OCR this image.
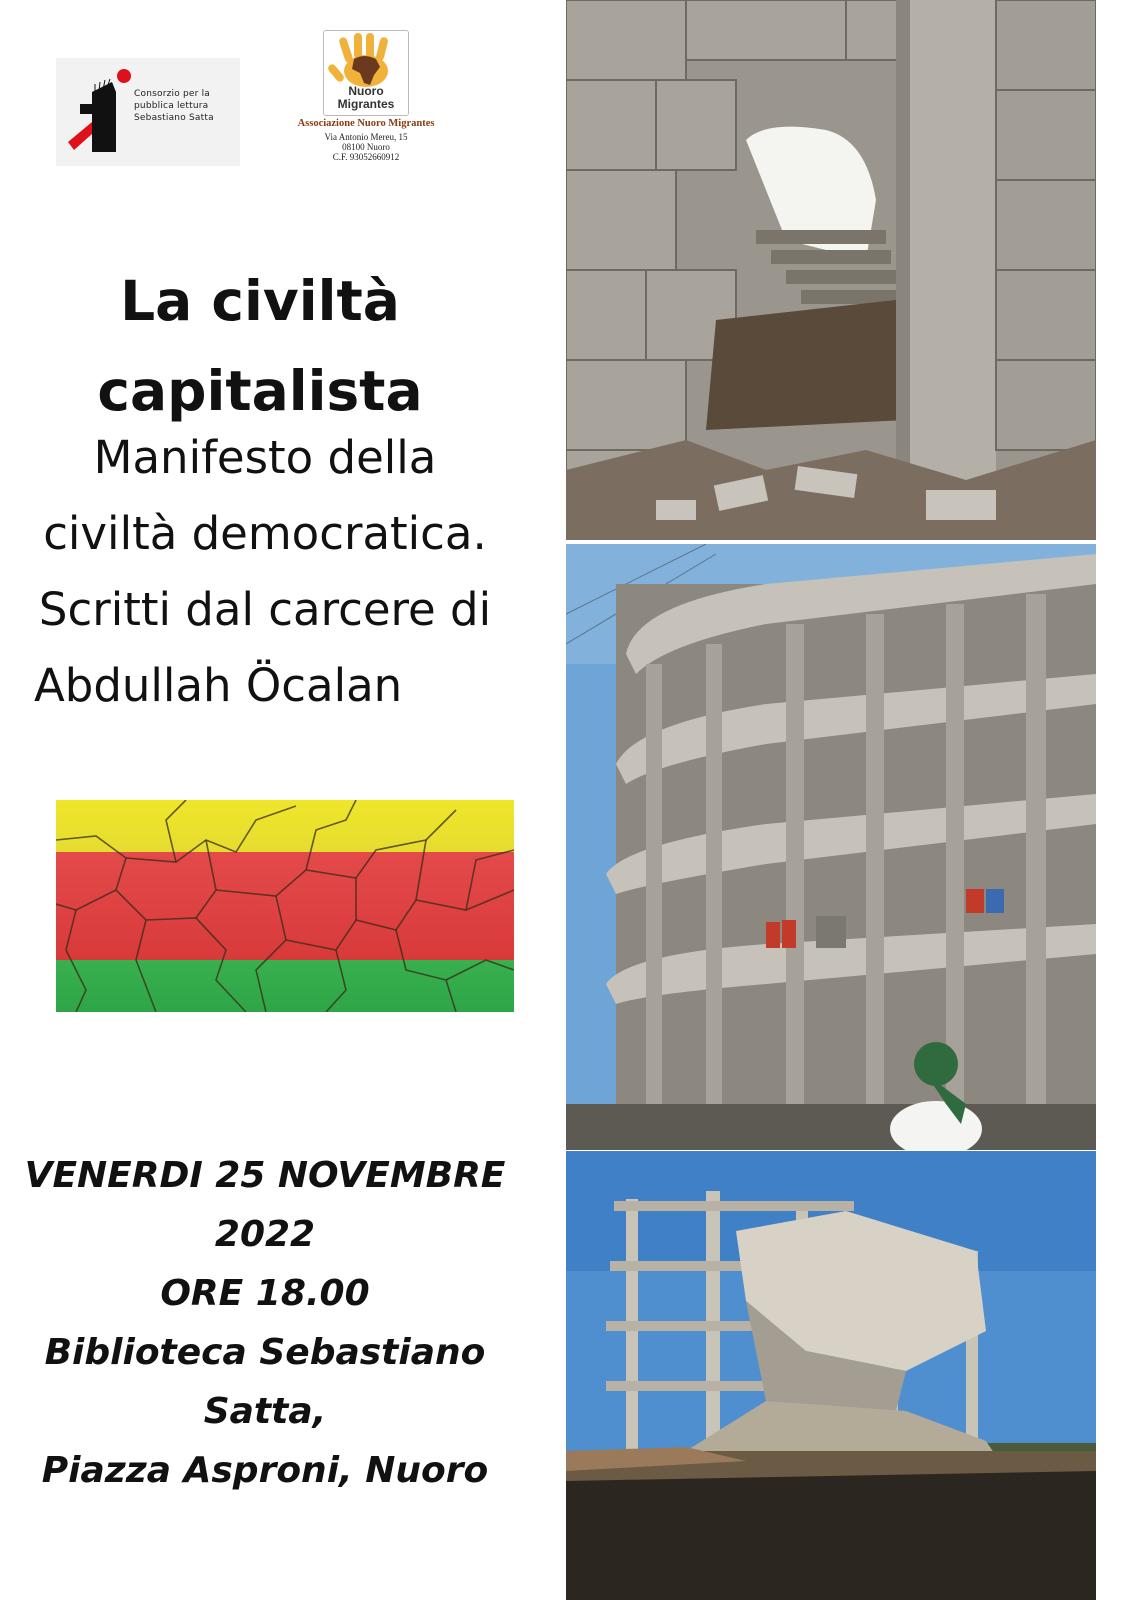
Consorzio per la
pubblica lettura
Sebastiano Satta
Nuoro
Migrantes
Associazione Nuoro Migrantes
Via Antonio Mereu, 15
08100 Nuoro
C.F. 93052660912
La civiltà
capitalista
Manifesto della
civiltà democratica.
Scritti dal carcere di
Abdullah Öcalan
VENERDI 25 NOVEMBRE
2022
ORE 18.00
Biblioteca Sebastiano
Satta,
Piazza Asproni, Nuoro
